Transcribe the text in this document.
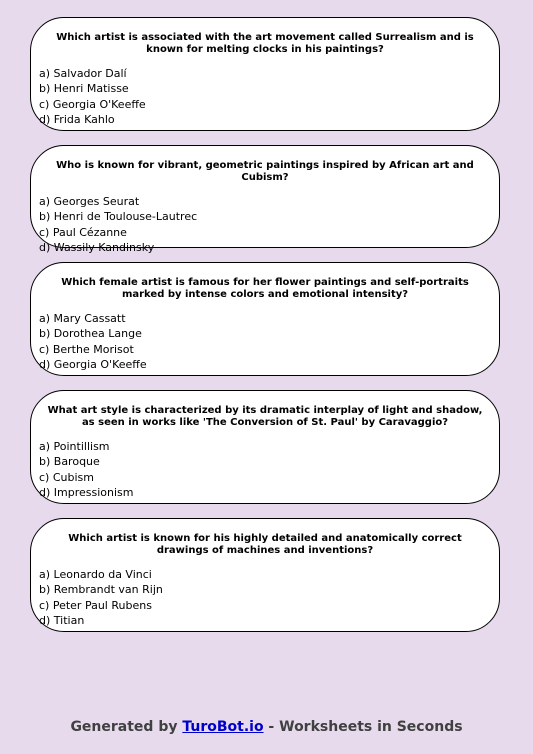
Which artist is associated with the art movement called Surrealism and is known for melting clocks in his paintings?

a) Salvador Dalí

b) Henri Matisse

c) Georgia O'Keeffe

d) Frida Kahlo

Who is known for vibrant, geometric paintings inspired by African art and Cubism?

a) Georges Seurat

b) Henri de Toulouse-Lautrec

c) Paul Cézanne

d) Wassily Kandinsky

Which female artist is famous for her flower paintings and self-portraits marked by intense colors and emotional intensity?

a) Mary Cassatt

b) Dorothea Lange

c) Berthe Morisot

d) Georgia O'Keeffe

What art style is characterized by its dramatic interplay of light and shadow, as seen in works like 'The Conversion of St. Paul' by Caravaggio?

a) Pointillism

b) Baroque

c) Cubism

d) Impressionism

Which artist is known for his highly detailed and anatomically correct drawings of machines and inventions?

a) Leonardo da Vinci

b) Rembrandt van Rijn

c) Peter Paul Rubens

d) Titian

Generated by TuroBot.io - Worksheets in Seconds
